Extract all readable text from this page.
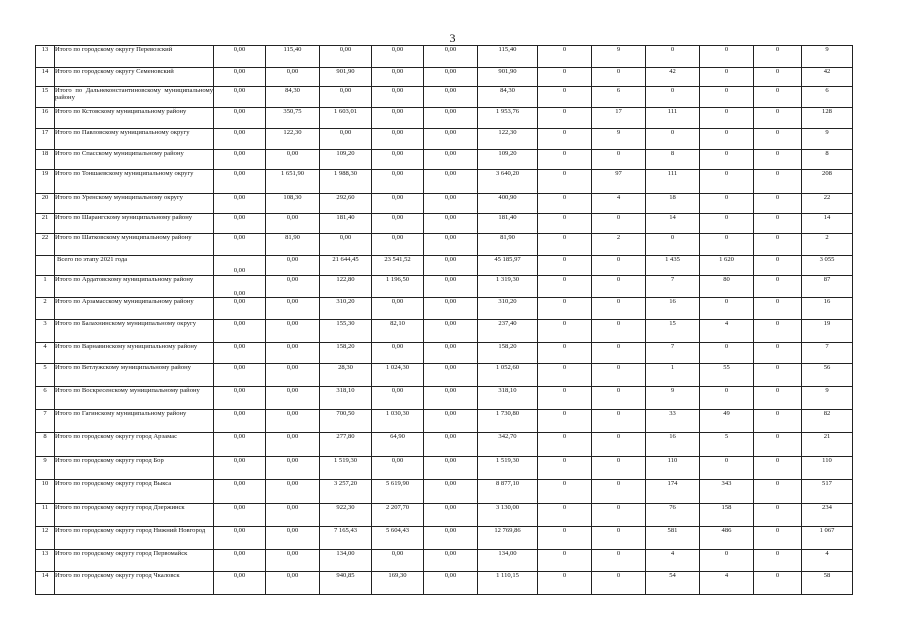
3
13	Итого по городскому округу Перевозский	0,00	115,40	0,00	0,00	0,00	115,40	0	9	0	0	0	9
14	Итого по городскому округу Семеновский	0,00	0,00	901,90	0,00	0,00	901,90	0	0	42	0	0	42
15	Итого по Дальнеконстантиновскому муниципальному району	0,00	84,30	0,00	0,00	0,00	84,30	0	6	0	0	0	6
16	Итого по Кстовскому муниципальному району	0,00	350,75	1 603,01	0,00	0,00	1 953,76	0	17	111	0	0	128
17	Итого по Павловскому муниципальному округу	0,00	122,30	0,00	0,00	0,00	122,30	0	9	0	0	0	9
18	Итого по Спасскому муниципальному району	0,00	0,00	109,20	0,00	0,00	109,20	0	0	8	0	0	8
19	Итого по Тоншаевскому муниципальному округу	0,00	1 651,90	1 988,30	0,00	0,00	3 640,20	0	97	111	0	0	208
20	Итого по Уренскому муниципальному округу	0,00	108,30	292,60	0,00	0,00	400,90	0	4	18	0	0	22
21	Итого по Шарангскому муниципальному району	0,00	0,00	181,40	0,00	0,00	181,40	0	0	14	0	0	14
22	Итого по Шатковскому муниципальному району	0,00	81,90	0,00	0,00	0,00	81,90	0	2	0	0	0	2
	Всего по этапу 2021 года	0,00	0,00	21 644,45	23 541,52	0,00	45 185,97	0	0	1 435	1 620	0	3 055
1	Итого по Ардатовскому муниципальному району	0,00	0,00	122,80	1 196,50	0,00	1 319,30	0	0	7	80	0	87
2	Итого по Арзамасскому муниципальному району	0,00	0,00	310,20	0,00	0,00	310,20	0	0	16	0	0	16
3	Итого по Балахнинскому муниципальному округу	0,00	0,00	155,30	82,10	0,00	237,40	0	0	15	4	0	19
4	Итого по Варнавинскому муниципальному району	0,00	0,00	158,20	0,00	0,00	158,20	0	0	7	0	0	7
5	Итого по Ветлужскому муниципальному району	0,00	0,00	28,30	1 024,30	0,00	1 052,60	0	0	1	55	0	56
6	Итого по Воскресенскому муниципальному району	0,00	0,00	318,10	0,00	0,00	318,10	0	0	9	0	0	9
7	Итого по Гагинскому муниципальному району	0,00	0,00	700,50	1 030,30	0,00	1 730,80	0	0	33	49	0	82
8	Итого по городскому округу город Арзамас	0,00	0,00	277,80	64,90	0,00	342,70	0	0	16	5	0	21
9	Итого по городскому округу город Бор	0,00	0,00	1 519,30	0,00	0,00	1 519,30	0	0	110	0	0	110
10	Итого по городскому округу город Выкса	0,00	0,00	3 257,20	5 619,90	0,00	8 877,10	0	0	174	343	0	517
11	Итого по городскому округу город Дзержинск	0,00	0,00	922,30	2 207,70	0,00	3 130,00	0	0	76	158	0	234
12	Итого по городскому округу город Нижний Новгород	0,00	0,00	7 165,43	5 604,43	0,00	12 769,86	0	0	581	486	0	1 067
13	Итого по городскому округу город Первомайск	0,00	0,00	134,00	0,00	0,00	134,00	0	0	4	0	0	4
14	Итого по городскому округу город Чкаловск	0,00	0,00	940,85	169,30	0,00	1 110,15	0	0	54	4	0	58
